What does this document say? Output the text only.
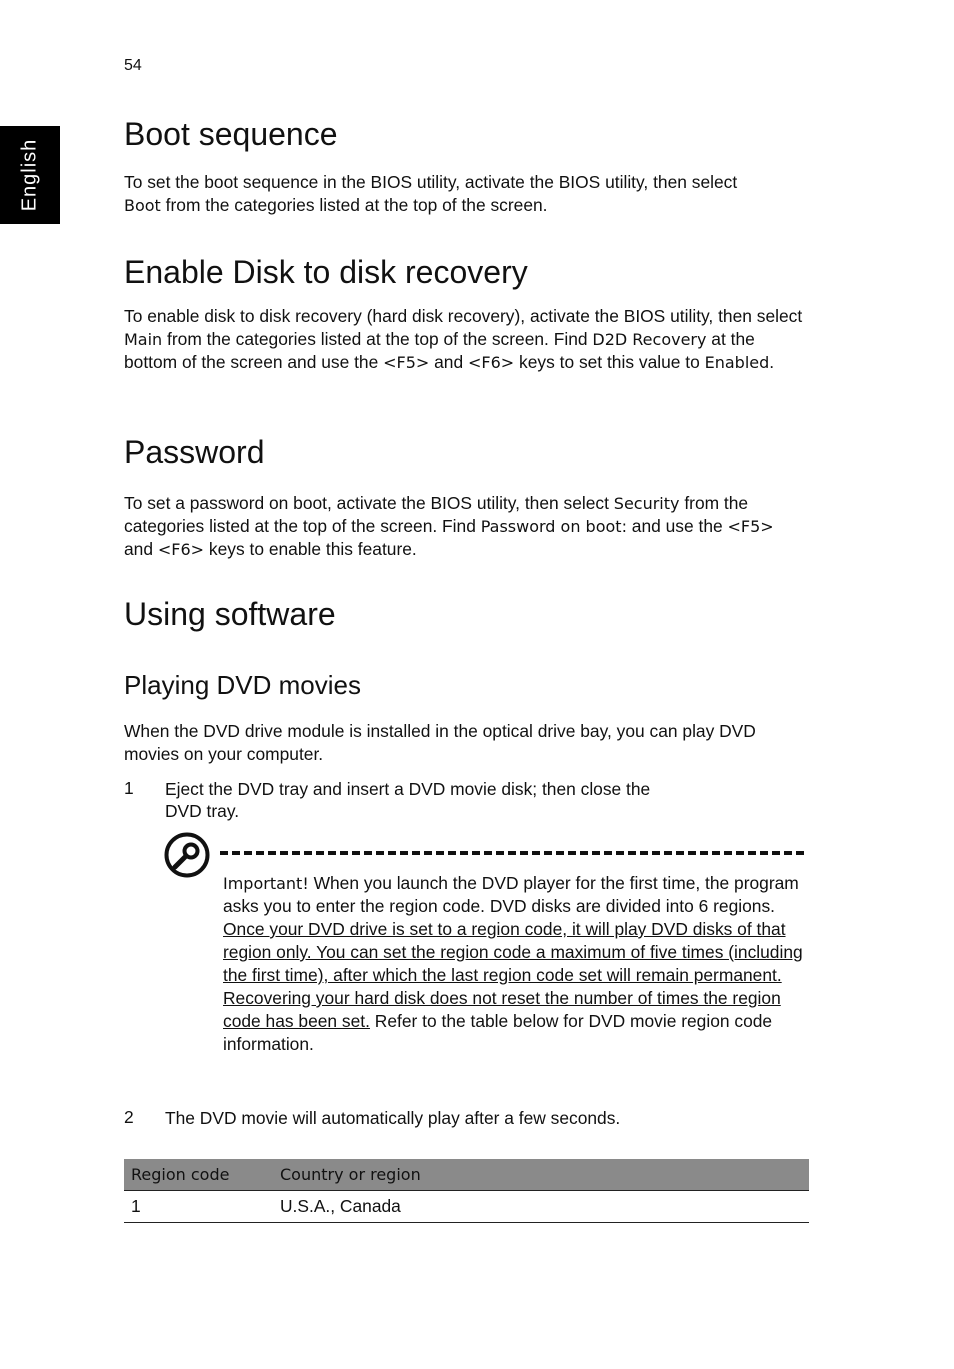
54
English
Boot sequence

To set the boot sequence in the BIOS utility, activate the BIOS utility, then select
Boot from the categories listed at the top of the screen.

Enable Disk to disk recovery

To enable disk to disk recovery (hard disk recovery), activate the BIOS utility, then select Main from the categories listed at the top of the screen. Find D2D Recovery at the bottom of the screen and use the <F5> and <F6> keys to set this value to Enabled.

Password

To set a password on boot, activate the BIOS utility, then select Security from the categories listed at the top of the screen. Find Password on boot: and use the <F5> and <F6> keys to enable this feature.

Using software
Playing DVD movies

When the DVD drive module is installed in the optical drive bay, you can play DVD movies on your computer.

1 Eject the DVD tray and insert a DVD movie disk; then close the
DVD tray.
Important! When you launch the DVD player for the first time, the program asks you to enter the region code. DVD disks are divided into 6 regions. Once your DVD drive is set to a region code, it will play DVD disks of that region only. You can set the region code a maximum of five times (including the first time), after which the last region code set will remain permanent. Recovering your hard disk does not reset the number of times the region code has been set. Refer to the table below for DVD movie region code information.
2 The DVD movie will automatically play after a few seconds.
Region code	Country or region
1	U.S.A., Canada
